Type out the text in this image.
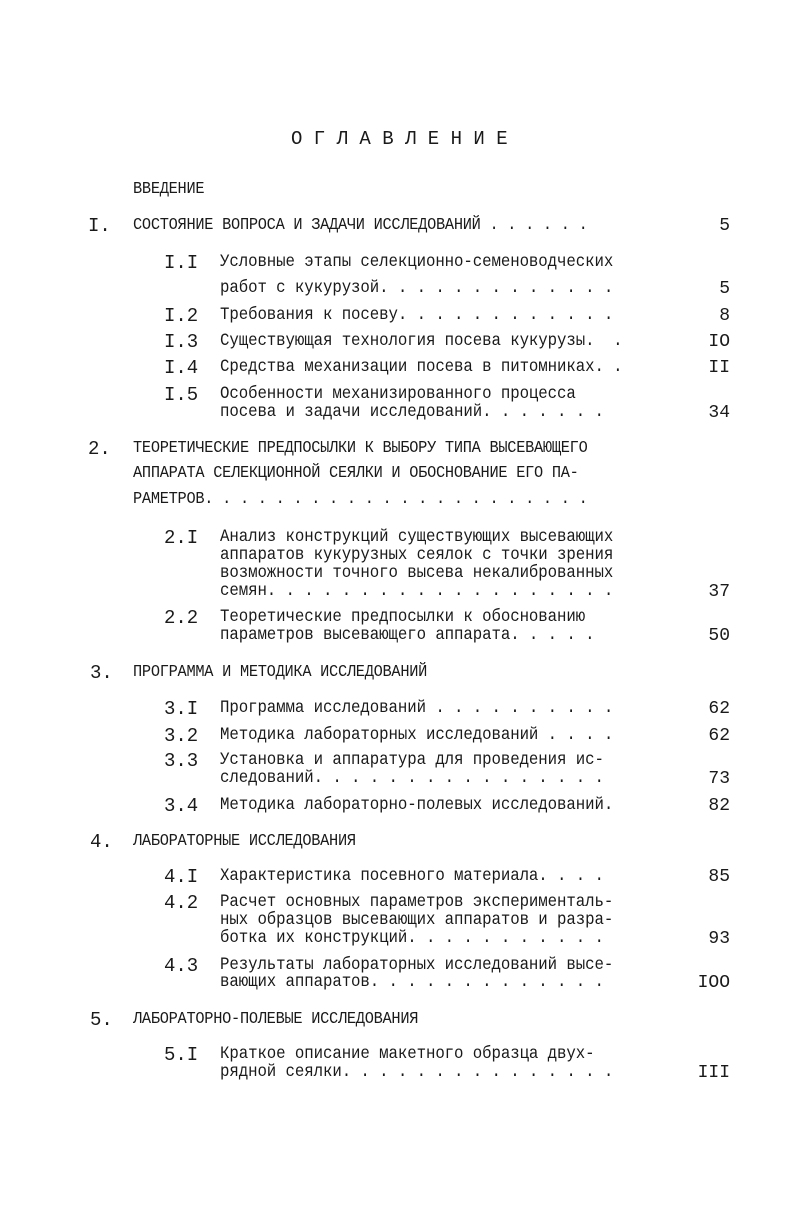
ОГЛАВЛЕНИЕ
ВВЕДЕНИЕ
I. СОСТОЯНИЕ ВОПРОСА И ЗАДАЧИ ИССЛЕДОВАНИЙ . . . . . .	5
I.I Условные этапы селекционно-семеноводческих
работ с кукурузой. . . . . . . . . . . . .	5
I.2 Требования к посеву. . . . . . . . . . . .	8
I.3 Существующая технология посева кукурузы.  .	IO
I.4 Средства механизации посева в питомниках. .	II
I.5 Особенности механизированного процесса
посева и задачи исследований. . . . . . .	34
2. ТЕОРЕТИЧЕСКИЕ ПРЕДПОСЫЛКИ К ВЫБОРУ ТИПА ВЫСЕВАЮЩЕГО
АППАРАТА СЕЛЕКЦИОННОЙ СЕЯЛКИ И ОБОСНОВАНИЕ ЕГО ПА-
РАМЕТРОВ. . . . . . . . . . . . . . . . . . . . . .
2.I Анализ конструкций существующих высевающих
аппаратов кукурузных сеялок с точки зрения
возможности точного высева некалиброванных
семян. . . . . . . . . . . . . . . . . . .	37
2.2 Теоретические предпосылки к обоснованию
параметров высевающего аппарата. . . . .	50
3. ПРОГРАММА И МЕТОДИКА ИССЛЕДОВАНИЙ
3.I Программа исследований . . . . . . . . . .	62
3.2 Методика лабораторных исследований . . . .	62
3.3 Установка и аппаратура для проведения ис-
следований. . . . . . . . . . . . . . . .	73
3.4 Методика лабораторно-полевых исследований.	82
4. ЛАБОРАТОРНЫЕ ИССЛЕДОВАНИЯ
4.I Характеристика посевного материала. . . .	85
4.2 Расчет основных параметров эксперименталь-
ных образцов высевающих аппаратов и разра-
ботка их конструкций. . . . . . . . . . .	93
4.3 Результаты лабораторных исследований высе-
вающих аппаратов. . . . . . . . . . . . .	IOO
5. ЛАБОРАТОРНО-ПОЛЕВЫЕ ИССЛЕДОВАНИЯ
5.I Краткое описание макетного образца двух-
рядной сеялки. . . . . . . . . . . . . . .	III
